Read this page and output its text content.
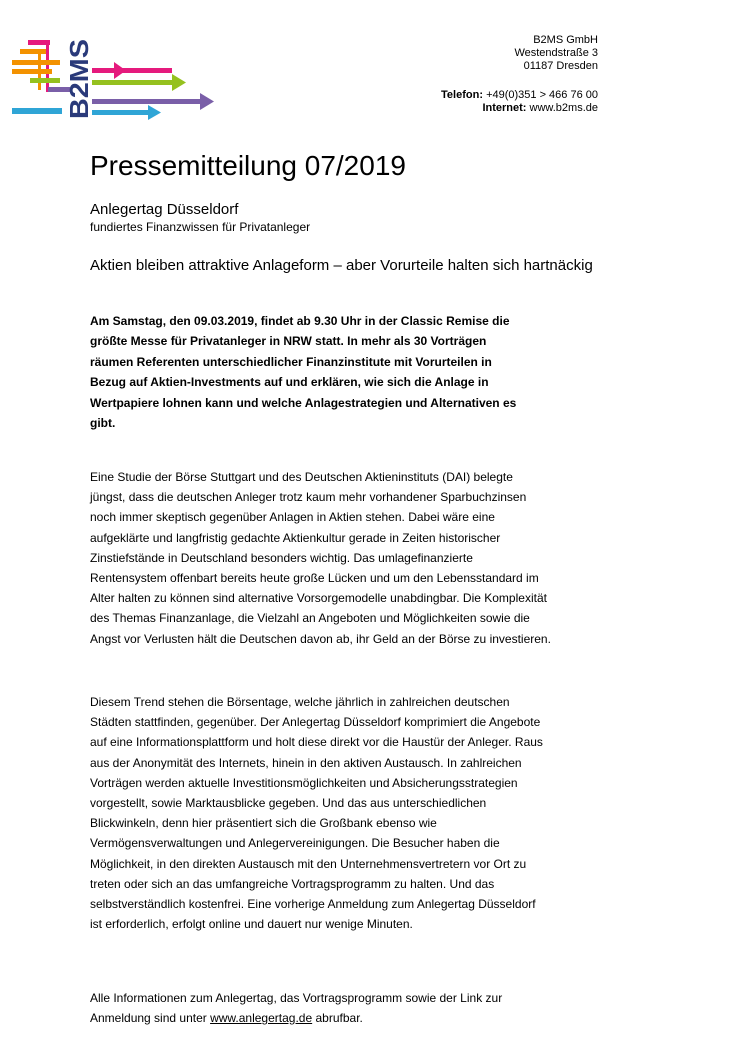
B2MS
B2MS GmbH
Westendstraße 3
01187 Dresden
Telefon: +49(0)351 > 466 76 00
Internet: www.b2ms.de
Pressemitteilung 07/2019
Anlegertag Düsseldorf
fundiertes Finanzwissen für Privatanleger
Aktien bleiben attraktive Anlageform – aber Vorurteile halten sich hartnäckig
Am Samstag, den 09.03.2019, findet ab 9.30 Uhr in der Classic Remise die
größte Messe für Privatanleger in NRW statt. In mehr als 30 Vorträgen
räumen Referenten unterschiedlicher Finanzinstitute mit Vorurteilen in
Bezug auf Aktien-Investments auf und erklären, wie sich die Anlage in
Wertpapiere lohnen kann und welche Anlagestrategien und Alternativen es
gibt.
Eine Studie der Börse Stuttgart und des Deutschen Aktieninstituts (DAI) belegte
jüngst, dass die deutschen Anleger trotz kaum mehr vorhandener Sparbuchzinsen
noch immer skeptisch gegenüber Anlagen in Aktien stehen. Dabei wäre eine
aufgeklärte und langfristig gedachte Aktienkultur gerade in Zeiten historischer
Zinstiefstände in Deutschland besonders wichtig. Das umlagefinanzierte
Rentensystem offenbart bereits heute große Lücken und um den Lebensstandard im
Alter halten zu können sind alternative Vorsorgemodelle unabdingbar. Die Komplexität
des Themas Finanzanlage, die Vielzahl an Angeboten und Möglichkeiten sowie die
Angst vor Verlusten hält die Deutschen davon ab, ihr Geld an der Börse zu investieren.
Diesem Trend stehen die Börsentage, welche jährlich in zahlreichen deutschen
Städten stattfinden, gegenüber. Der Anlegertag Düsseldorf komprimiert die Angebote
auf eine Informationsplattform und holt diese direkt vor die Haustür der Anleger. Raus
aus der Anonymität des Internets, hinein in den aktiven Austausch. In zahlreichen
Vorträgen werden aktuelle Investitionsmöglichkeiten und Absicherungsstrategien
vorgestellt, sowie Marktausblicke gegeben. Und das aus unterschiedlichen
Blickwinkeln, denn hier präsentiert sich die Großbank ebenso wie
Vermögensverwaltungen und Anlegervereinigungen. Die Besucher haben die
Möglichkeit, in den direkten Austausch mit den Unternehmensvertretern vor Ort zu
treten oder sich an das umfangreiche Vortragsprogramm zu halten. Und das
selbstverständlich kostenfrei. Eine vorherige Anmeldung zum Anlegertag Düsseldorf
ist erforderlich, erfolgt online und dauert nur wenige Minuten.
Alle Informationen zum Anlegertag, das Vortragsprogramm sowie der Link zur
Anmeldung sind unter www.anlegertag.de abrufbar.
